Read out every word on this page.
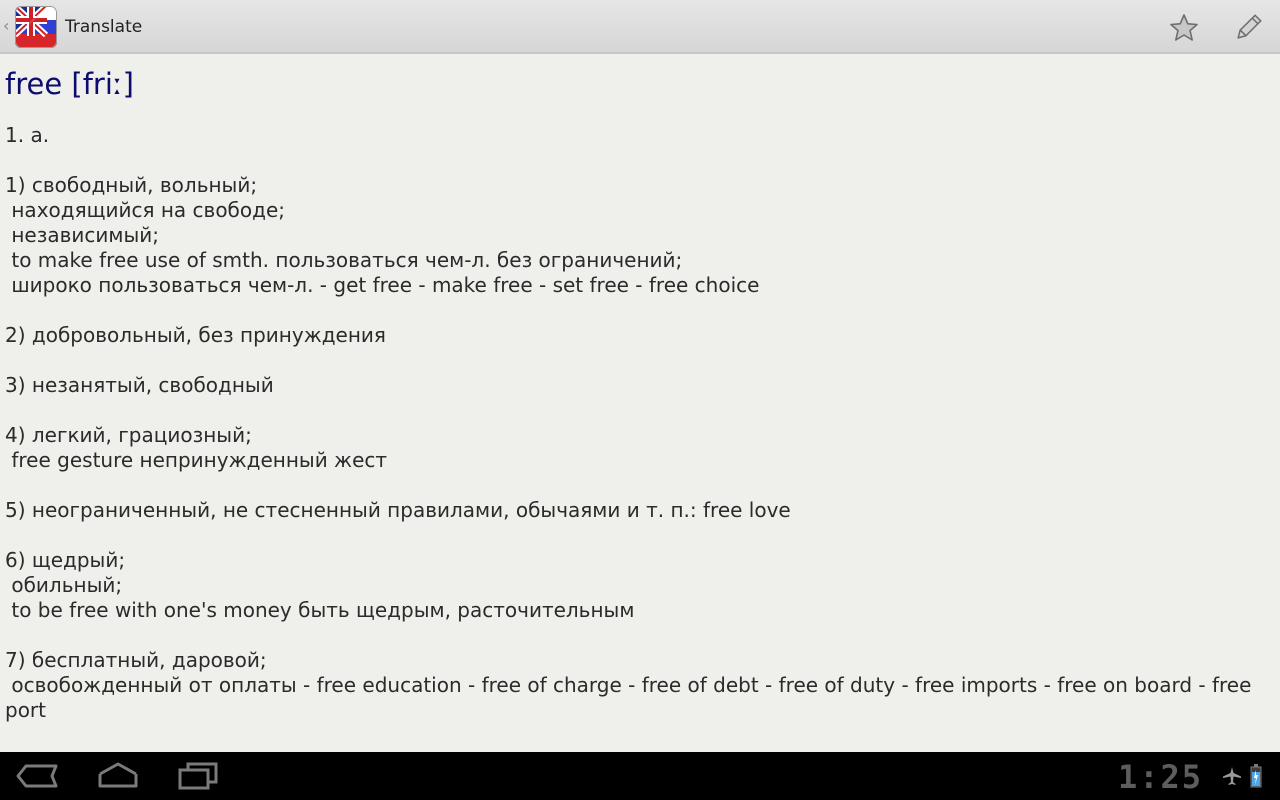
‹	Translate
free [friː]
1. a.
1) свободный, вольный;
находящийся на свободе;
независимый;
to make free use of smth. пользоваться чем-л. без ограничений;
широко пользоваться чем-л. - get free - make free - set free - free choice
2) добровольный, без принуждения
3) незанятый, свободный
4) легкий, грациозный;
free gesture непринужденный жест
5) неограниченный, не стесненный правилами, обычаями и т. п.: free love
6) щедрый;
обильный;
to be free with one's money быть щедрым, расточительным
7) бесплатный, даровой;
освобожденный от оплаты - free education - free of charge - free of debt - free of duty - free imports - free on board - free port
1:25
